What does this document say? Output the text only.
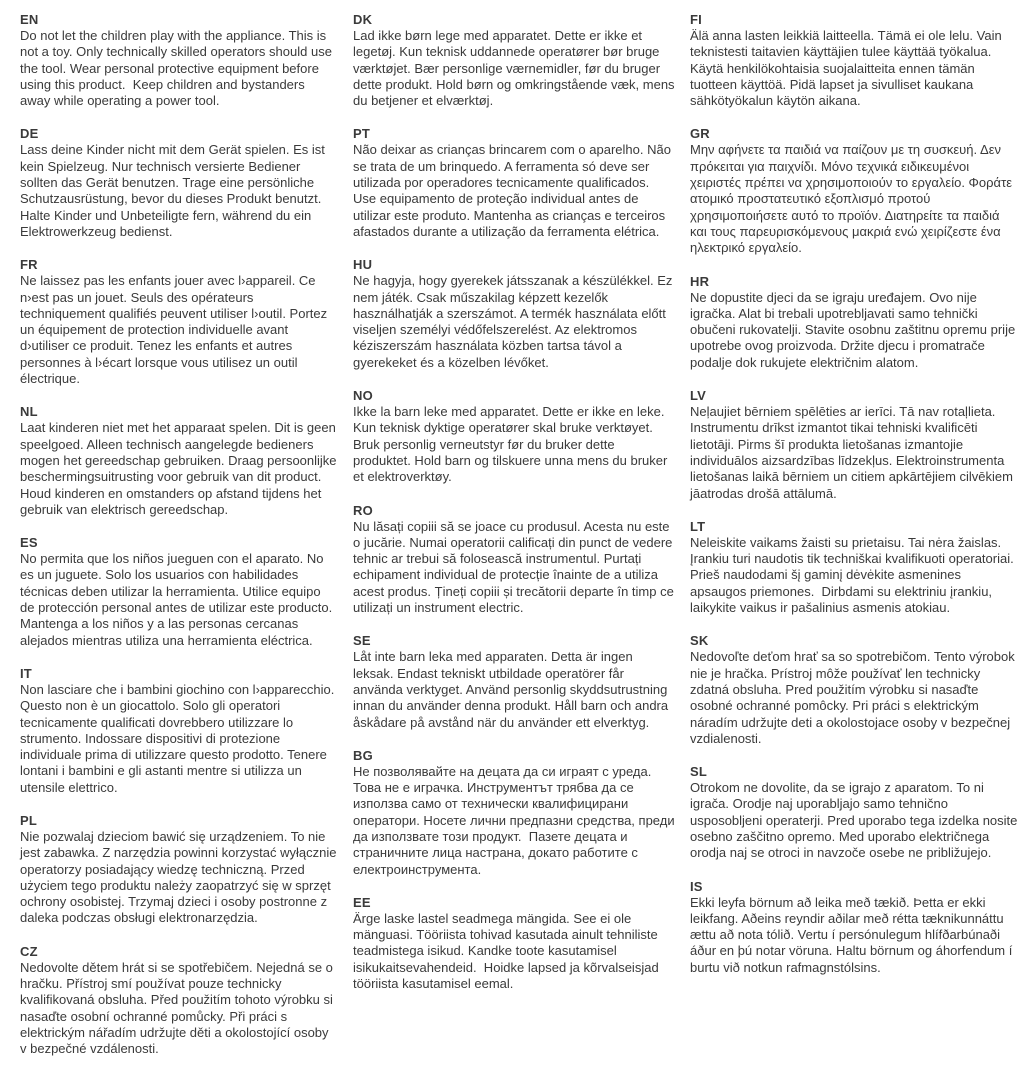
EN
Do not let the children play with the appliance. This is not a toy. Only technically skilled operators should use the tool. Wear personal protective equipment before using this product.  Keep children and bystanders away while operating a power tool.
DE
Lass deine Kinder nicht mit dem Gerät spielen. Es ist kein Spielzeug. Nur technisch versierte Bediener sollten das Gerät benutzen. Trage eine persönliche Schutzausrüstung, bevor du dieses Produkt benutzt. Halte Kinder und Unbeteiligte fern, während du ein Elektrowerkzeug bedienst.
FR
Ne laissez pas les enfants jouer avec l›appareil. Ce n›est pas un jouet. Seuls des opérateurs techniquement qualifiés peuvent utiliser l›outil. Portez un équipement de protection individuelle avant d›utiliser ce produit. Tenez les enfants et autres personnes à l›écart lorsque vous utilisez un outil électrique.
NL
Laat kinderen niet met het apparaat spelen. Dit is geen speelgoed. Alleen technisch aangelegde bedieners mogen het gereedschap gebruiken. Draag persoonlijke beschermingsuitrusting voor gebruik van dit product. Houd kinderen en omstanders op afstand tijdens het gebruik van elektrisch gereedschap.
ES
No permita que los niños jueguen con el aparato. No es un juguete. Solo los usuarios con habilidades técnicas deben utilizar la herramienta. Utilice equipo de protección personal antes de utilizar este producto. Mantenga a los niños y a las personas cercanas alejados mientras utiliza una herramienta eléctrica.
IT
Non lasciare che i bambini giochino con l›apparecchio. Questo non è un giocattolo. Solo gli operatori tecnicamente qualificati dovrebbero utilizzare lo strumento. Indossare dispositivi di protezione individuale prima di utilizzare questo prodotto. Tenere lontani i bambini e gli astanti mentre si utilizza un utensile elettrico.
PL
Nie pozwalaj dzieciom bawić się urządzeniem. To nie jest zabawka. Z narzędzia powinni korzystać wyłącznie operatorzy posiadający wiedzę techniczną. Przed użyciem tego produktu należy zaopatrzyć się w sprzęt ochrony osobistej. Trzymaj dzieci i osoby postronne z daleka podczas obsługi elektronarzędzia.
CZ
Nedovolte dětem hrát si se spotřebičem. Nejedná se o hračku. Přístroj smí používat pouze technicky kvalifikovaná obsluha. Před použitím tohoto výrobku si nasaďte osobní ochranné pomůcky. Při práci s elektrickým nářadím udržujte děti a okolostojící osoby v bezpečné vzdálenosti.
DK
Lad ikke børn lege med apparatet. Dette er ikke et legetøj. Kun teknisk uddannede operatører bør bruge værktøjet. Bær personlige værnemidler, før du bruger dette produkt. Hold børn og omkringstående væk, mens du betjener et elværktøj.
PT
Não deixar as crianças brincarem com o aparelho. Não se trata de um brinquedo. A ferramenta só deve ser utilizada por operadores tecnicamente qualificados. Use equipamento de proteção individual antes de utilizar este produto. Mantenha as crianças e terceiros afastados durante a utilização da ferramenta elétrica.
HU
Ne hagyja, hogy gyerekek játsszanak a készülékkel. Ez nem játék. Csak műszakilag képzett kezelők használhatják a szerszámot. A termék használata előtt viseljen személyi védőfelszerelést. Az elektromos kéziszerszám használata közben tartsa távol a gyerekeket és a közelben lévőket.
NO
Ikke la barn leke med apparatet. Dette er ikke en leke. Kun teknisk dyktige operatører skal bruke verktøyet. Bruk personlig verneutstyr før du bruker dette produktet. Hold barn og tilskuere unna mens du bruker et elektroverktøy.
RO
Nu lăsați copiii să se joace cu produsul. Acesta nu este o jucărie. Numai operatorii calificați din punct de vedere tehnic ar trebui să folosească instrumentul. Purtați echipament individual de protecție înainte de a utiliza acest produs. Țineți copiii și trecătorii departe în timp ce utilizați un instrument electric.
SE
Låt inte barn leka med apparaten. Detta är ingen leksak. Endast tekniskt utbildade operatörer får använda verktyget. Använd personlig skyddsutrustning innan du använder denna produkt. Håll barn och andra åskådare på avstånd när du använder ett elverktyg.
BG
Не позволявайте на децата да си играят с уреда. Това не е играчка. Инструментът трябва да се използва само от технически квалифицирани оператори. Носете лични предпазни средства, преди да използвате този продукт.  Пазете децата и страничните лица настрана, докато работите с електроинструмента.
EE
Ärge laske lastel seadmega mängida. See ei ole mänguasi. Tööriista tohivad kasutada ainult tehniliste teadmistega isikud. Kandke toote kasutamisel isikukaitsevahendeid.  Hoidke lapsed ja kõrvalseisjad tööriista kasutamisel eemal.
FI
Älä anna lasten leikkiä laitteella. Tämä ei ole lelu. Vain teknistesti taitavien käyttäjien tulee käyttää työkalua. Käytä henkilökohtaisia suojalaitteita ennen tämän tuotteen käyttöä. Pidä lapset ja sivulliset kaukana sähkötyökalun käytön aikana.
GR
Μην αφήνετε τα παιδιά να παίζουν με τη συσκευή. Δεν πρόκειται για παιχνίδι. Μόνο τεχνικά ειδικευμένοι χειριστές πρέπει να χρησιμοποιούν το εργαλείο. Φοράτε ατομικό προστατευτικό εξοπλισμό προτού χρησιμοποιήσετε αυτό το προϊόν. Διατηρείτε τα παιδιά και τους παρευρισκόμενους μακριά ενώ χειρίζεστε ένα ηλεκτρικό εργαλείο.
HR
Ne dopustite djeci da se igraju uređajem. Ovo nije igračka. Alat bi trebali upotrebljavati samo tehnički obučeni rukovatelji. Stavite osobnu zaštitnu opremu prije upotrebe ovog proizvoda. Držite djecu i promatrače podalje dok rukujete električnim alatom.
LV
Neļaujiet bērniem spēlēties ar ierīci. Tā nav rotaļlieta. Instrumentu drīkst izmantot tikai tehniski kvalificēti lietotāji. Pirms šī produkta lietošanas izmantojie individuālos aizsardzības līdzekļus. Elektroinstrumenta lietošanas laikā bērniem un citiem apkārtējiem cilvēkiem jāatrodas drošā attālumā.
LT
Neleiskite vaikams žaisti su prietaisu. Tai nėra žaislas. Įrankiu turi naudotis tik techniškai kvalifikuoti operatoriai. Prieš naudodami šį gaminį dėvėkite asmenines apsaugos priemones.  Dirbdami su elektriniu įrankiu, laikykite vaikus ir pašalinius asmenis atokiau.
SK
Nedovoľte deťom hrať sa so spotrebičom. Tento výrobok nie je hračka. Prístroj môže používať len technicky zdatná obsluha. Pred použitím výrobku si nasaďte osobné ochranné pomôcky. Pri práci s elektrickým náradím udržujte deti a okolostojace osoby v bezpečnej vzdialenosti.
SL
Otrokom ne dovolite, da se igrajo z aparatom. To ni igrača. Orodje naj uporabljajo samo tehnično usposobljeni operaterji. Pred uporabo tega izdelka nosite osebno zaščitno opremo. Med uporabo električnega orodja naj se otroci in navzoče osebe ne približujejo.
IS
Ekki leyfa börnum að leika með tækið. Þetta er ekki leikfang. Aðeins reyndir aðilar með rétta tæknikunnáttu ættu að nota tólið. Vertu í persónulegum hlífðarbúnaði áður en þú notar vöruna. Haltu börnum og áhorfendum í burtu við notkun rafmagnstólsins.
